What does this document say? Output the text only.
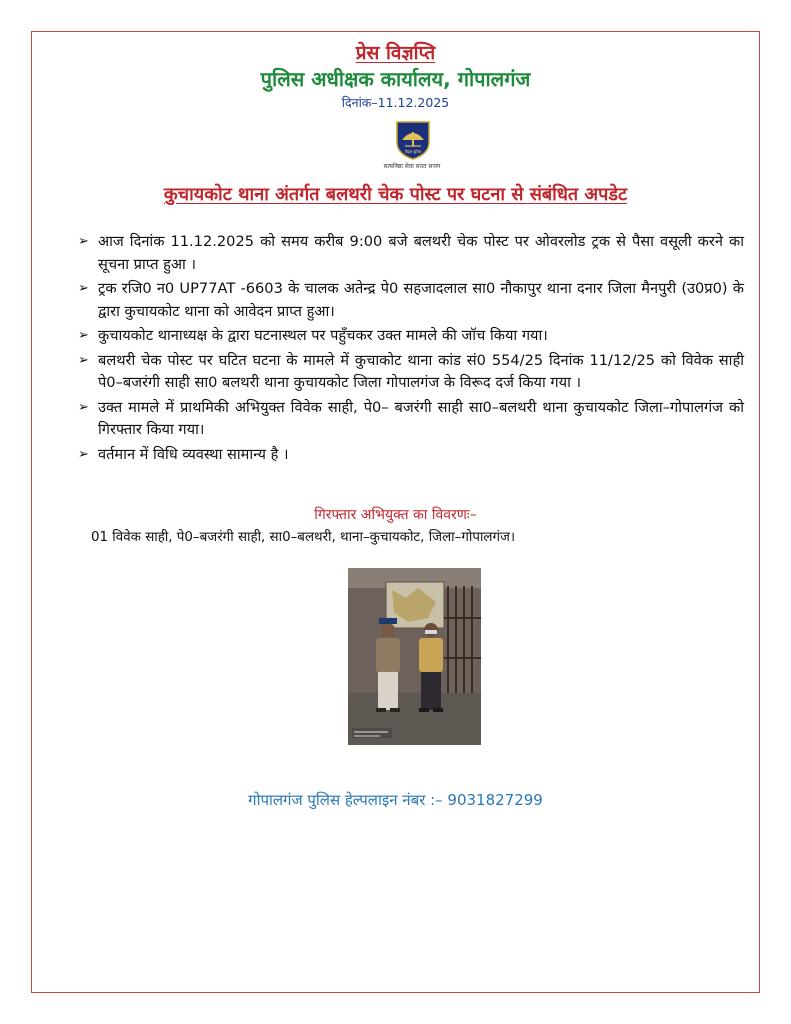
प्रेस विज्ञप्ति
पुलिस अधीक्षक कार्यालय, गोपालगंज
दिनांक–11.12.2025
बिहार पुलिस
सत्यनिष्ठा सेवा सतत सजग
कुचायकोट थाना अंतर्गत बलथरी चेक पोस्ट पर घटना से संबंधित अपडेट
➢ आज दिनांक 11.12.2025 को समय करीब 9:00 बजे बलथरी चेक पोस्ट पर ओवरलोड ट्रक से पैसा वसूली करने का सूचना प्राप्त हुआ ।
➢ ट्रक रजि0 न0 UP77AT -6603 के चालक अतेन्द्र पे0 सहजादलाल सा0 नौकापुर थाना दनार जिला मैनपुरी (उ0प्र0) के द्वारा कुचायकोट थाना को आवेदन प्राप्त हुआ।
➢ कुचायकोट थानाध्यक्ष के द्वारा घटनास्थल पर पहुँचकर उक्त मामले की जॉच किया गया।
➢ बलथरी चेक पोस्ट पर घटित घटना के मामले में कुचाकोट थाना कांड सं0 554/25 दिनांक 11/12/25 को विवेक साही पे0–बजरंगी साही सा0 बलथरी थाना कुचायकोट जिला गोपालगंज के विरूद दर्ज किया गया ।
➢ उक्त मामले में प्राथमिकी अभियुक्त विवेक साही, पे0– बजरंगी साही सा0–बलथरी थाना कुचायकोट जिला–गोपालगंज को गिरफ्तार किया गया।
➢ वर्तमान में विधि व्यवस्था सामान्य है ।
गिरफ्तार अभियुक्त का विवरणः–
01 विवेक साही, पे0–बजरंगी साही, सा0–बलथरी, थाना–कुचायकोट, जिला–गोपालगंज।
गोपालगंज पुलिस हेल्पलाइन नंबर :– 9031827299
